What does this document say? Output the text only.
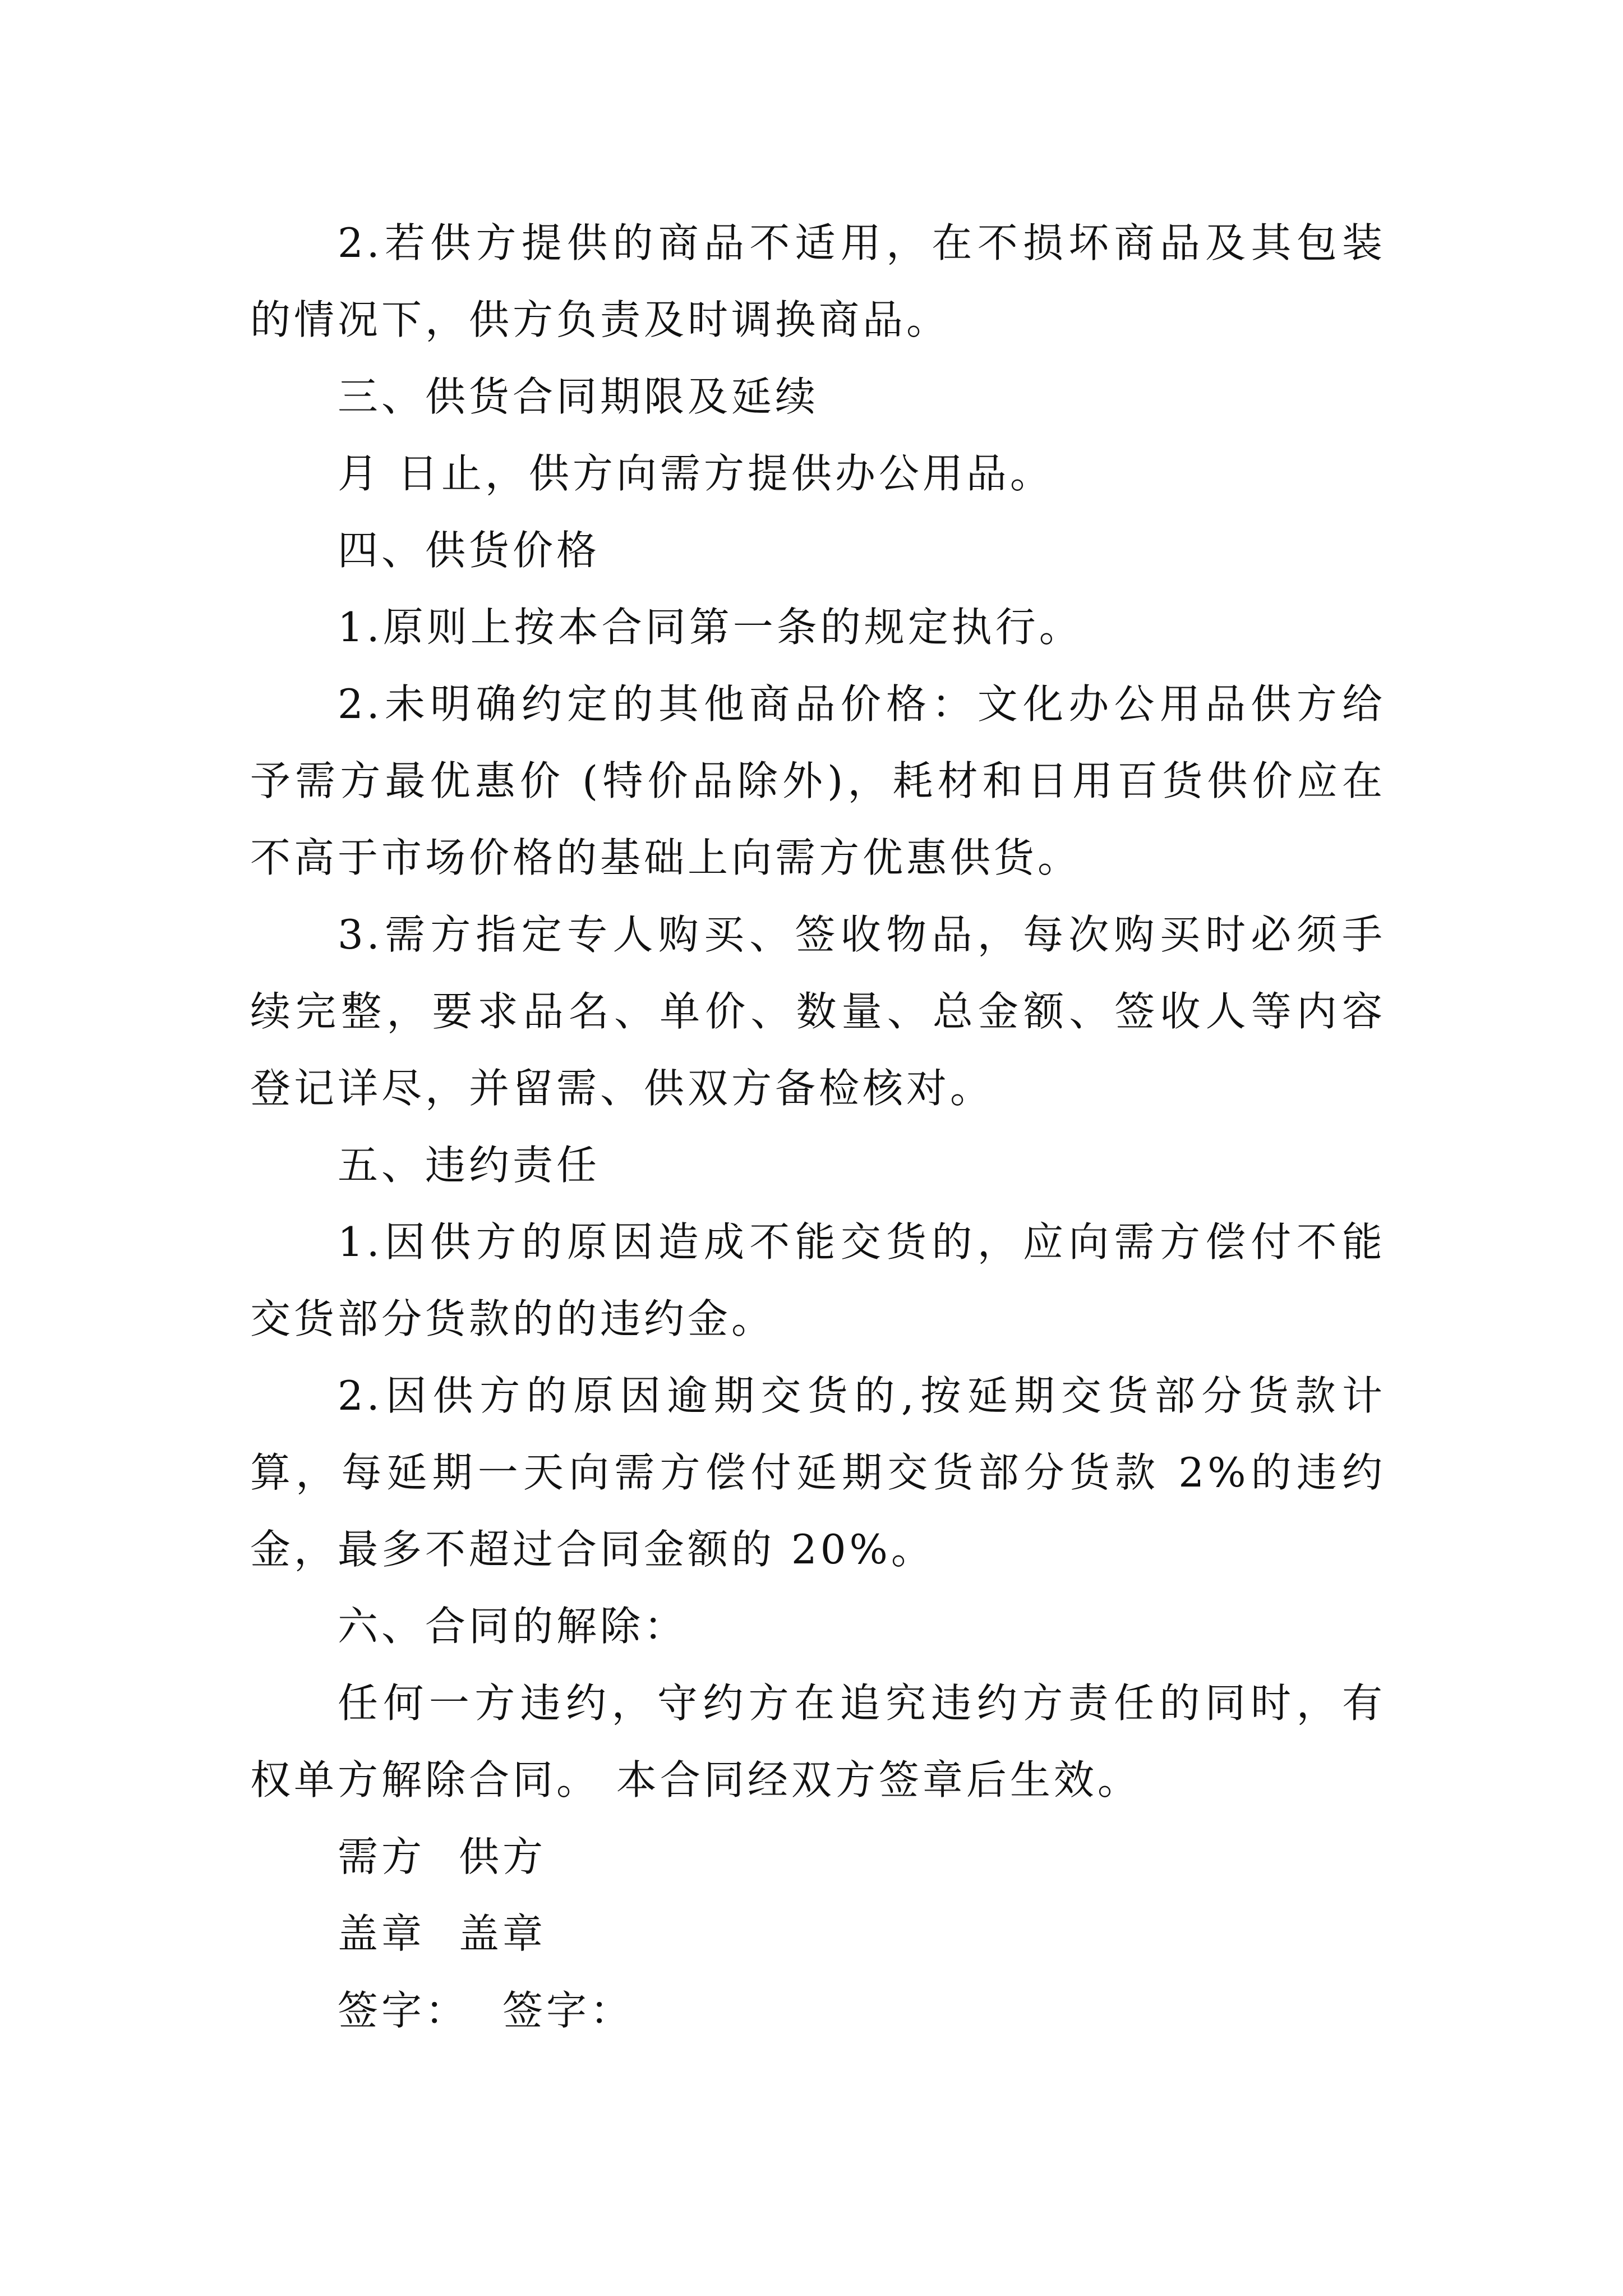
2.若供方提供的商品不适用，在不损坏商品及其包装的情况下，供方负责及时调换商品。

三、供货合同期限及延续

月 日止，供方向需方提供办公用品。

四、供货价格

1.原则上按本合同第一条的规定执行。

2.未明确约定的其他商品价格：文化办公用品供方给予需方最优惠价 (特价品除外)，耗材和日用百货供价应在不高于市场价格的基础上向需方优惠供货。

3.需方指定专人购买、签收物品，每次购买时必须手续完整，要求品名、单价、数量、总金额、签收人等内容登记详尽，并留需、供双方备检核对。

五、违约责任

1.因供方的原因造成不能交货的，应向需方偿付不能交货部分货款的的违约金。

2.因供方的原因逾期交货的,按延期交货部分货款计算，每延期一天向需方偿付延期交货部分货款 2%的违约金，最多不超过合同金额的 20%。

六、合同的解除：

任何一方违约，守约方在追究违约方责任的同时，有权单方解除合同。 本合同经双方签章后生效。

需方 供方

盖章 盖章

签字： 签字：
